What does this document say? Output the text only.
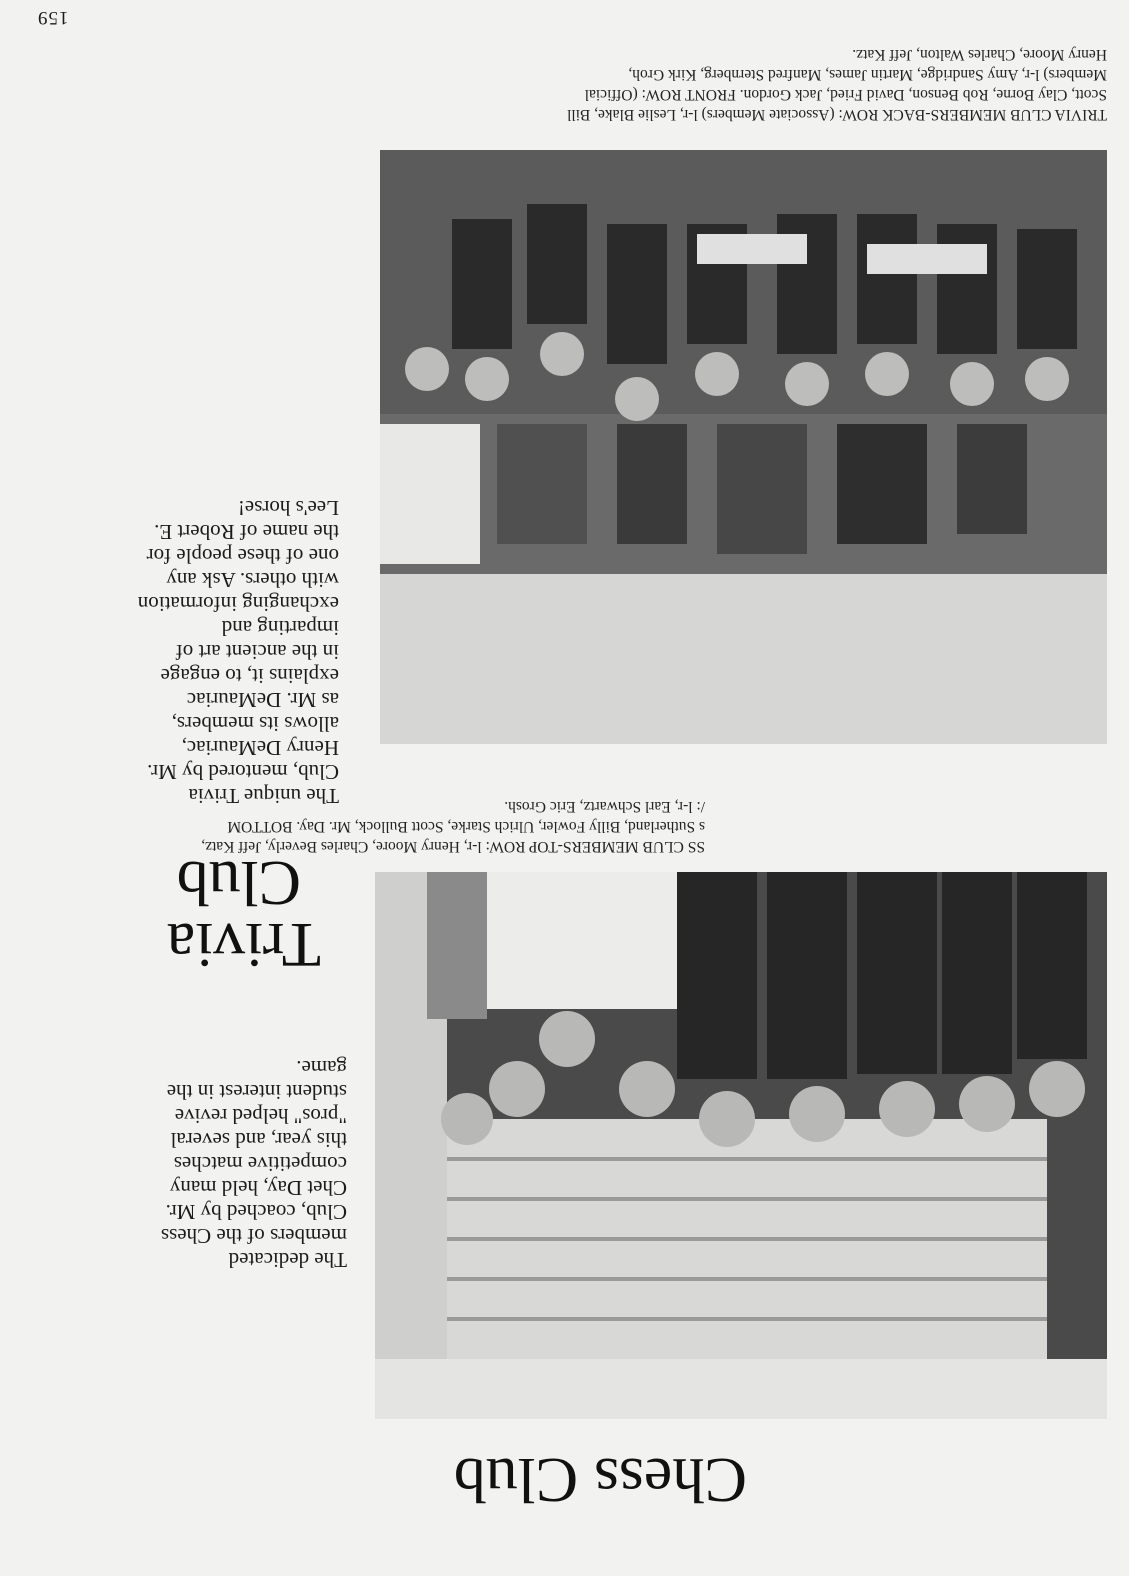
159

TRIVIA CLUB MEMBERS-BACK ROW: (Associate Members) l-r, Leslie Blake, Bill

Scott, Clay Borne, Rob Benson, David Fried, Jack Gordon. FRONT ROW: (Official

Members) l-r, Amy Sandridge, Martin James, Manfred Sternberg, Kirk Groh,

Henry Moore, Charles Walton, Jeff Katz.

Trivia
Club

The unique Trivia
Club, mentored by Mr.
Henry DeMauriac,
allows its members,
as Mr. DeMauriac
explains it, to engage
in the ancient art of
imparting and
exchanging information
with others. Ask any
one of these people for
the name of Robert E.
Lee's horse!

SS CLUB MEMBERS-TOP ROW: l-r, Henry Moore, Charles Beverly, Jeff Katz,

s Sutherland, Billy Fowler, Ulrich Starke, Scott Bullock, Mr. Day. BOTTOM

/: l-r, Earl Schwartz, Eric Grosh.

The dedicated
members of the Chess
Club, coached by Mr.
Chet Day, held many
competitive matches
this year, and several
"pros" helped revive
student interest in the
game.

Chess Club
